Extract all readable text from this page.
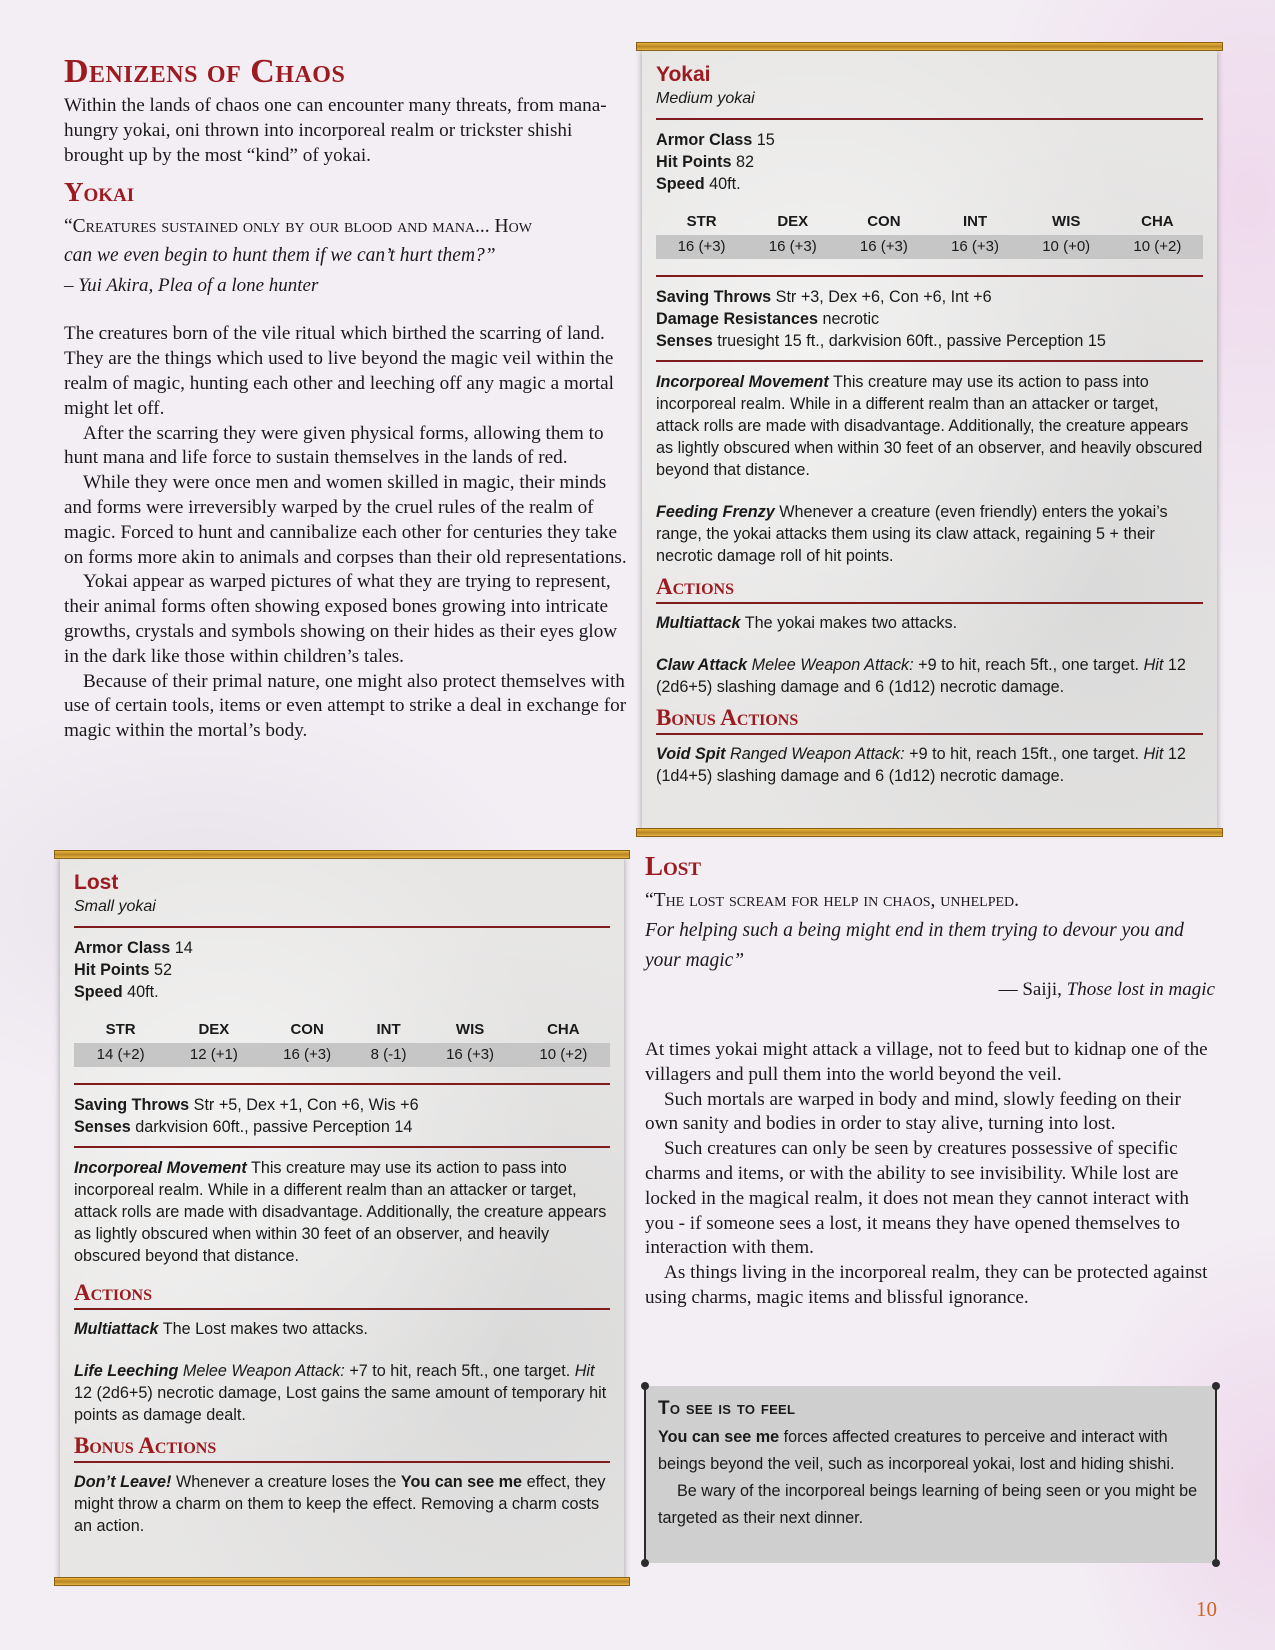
Denizens of Chaos

Within the lands of chaos one can encounter many threats, from mana-hungry yokai, oni thrown into incorporeal realm or trickster shishi brought up by the most “kind” of yokai.

Yokai
“Creatures sustained only by our blood and mana... How
can we even begin to hunt them if we can’t hurt them?”
– Yui Akira, Plea of a lone hunter

The creatures born of the vile ritual which birthed the scarring of land. They are the things which used to live beyond the magic veil within the realm of magic, hunting each other and leeching off any magic a mortal might let off.

After the scarring they were given physical forms, allowing them to hunt mana and life force to sustain themselves in the lands of red.

While they were once men and women skilled in magic, their minds and forms were irreversibly warped by the cruel rules of the realm of magic. Forced to hunt and cannibalize each other for centuries they take on forms more akin to animals and corpses than their old representations.

Yokai appear as warped pictures of what they are trying to represent, their animal forms often showing exposed bones growing into intricate growths, crystals and symbols showing on their hides as their eyes glow in the dark like those within children’s tales.

Because of their primal nature, one might also protect themselves with use of certain tools, items or even attempt to strike a deal in exchange for magic within the mortal’s body.

Yokai
Medium yokai
Armor Class 15
Hit Points 82
Speed 40ft.
STR	DEX	CON	INT	WIS	CHA
16 (+3)	16 (+3)	16 (+3)	16 (+3)	10 (+0)	10 (+2)
Saving Throws Str +3, Dex +6, Con +6, Int +6
Damage Resistances necrotic
Senses truesight 15 ft., darkvision 60ft., passive Perception 15
Incorporeal Movement This creature may use its action to pass into incorporeal realm. While in a different realm than an attacker or target, attack rolls are made with disadvantage. Additionally, the creature appears as lightly obscured when within 30 feet of an observer, and heavily obscured beyond that distance.
Feeding Frenzy Whenever a creature (even friendly) enters the yokai’s range, the yokai attacks them using its claw attack, regaining 5 + their necrotic damage roll of hit points.
Actions
Multiattack The yokai makes two attacks.
Claw Attack Melee Weapon Attack: +9 to hit, reach 5ft., one target. Hit 12 (2d6+5) slashing damage and 6 (1d12) necrotic damage.
Bonus Actions
Void Spit Ranged Weapon Attack: +9 to hit, reach 15ft., one target. Hit 12 (1d4+5) slashing damage and 6 (1d12) necrotic damage.
Lost
Small yokai
Armor Class 14
Hit Points 52
Speed 40ft.
STR	DEX	CON	INT	WIS	CHA
14 (+2)	12 (+1)	16 (+3)	8 (-1)	16 (+3)	10 (+2)
Saving Throws Str +5, Dex +1, Con +6, Wis +6
Senses darkvision 60ft., passive Perception 14
Incorporeal Movement This creature may use its action to pass into incorporeal realm. While in a different realm than an attacker or target, attack rolls are made with disadvantage. Additionally, the creature appears as lightly obscured when within 30 feet of an observer, and heavily obscured beyond that distance.
Actions
Multiattack The Lost makes two attacks.
Life Leeching Melee Weapon Attack: +7 to hit, reach 5ft., one target. Hit 12 (2d6+5) necrotic damage, Lost gains the same amount of temporary hit points as damage dealt.
Bonus Actions
Don’t Leave! Whenever a creature loses the You can see me effect, they might throw a charm on them to keep the effect. Removing a charm costs an action.
Lost
“The lost scream for help in chaos, unhelped.
For helping such a being might end in them trying to devour you and your magic”
— Saiji, Those lost in magic

At times yokai might attack a village, not to feed but to kidnap one of the villagers and pull them into the world beyond the veil.

Such mortals are warped in body and mind, slowly feeding on their own sanity and bodies in order to stay alive, turning into lost.

Such creatures can only be seen by creatures possessive of specific charms and items, or with the ability to see invisibility. While lost are locked in the magical realm, it does not mean they cannot interact with you - if someone sees a lost, it means they have opened themselves to interaction with them.

As things living in the incorporeal realm, they can be protected against using charms, magic items and blissful ignorance.

To see is to feel
You can see me forces affected creatures to perceive and interact with beings beyond the veil, such as incorporeal yokai, lost and hiding shishi.
Be wary of the incorporeal beings learning of being seen or you might be targeted as their next dinner.
10
